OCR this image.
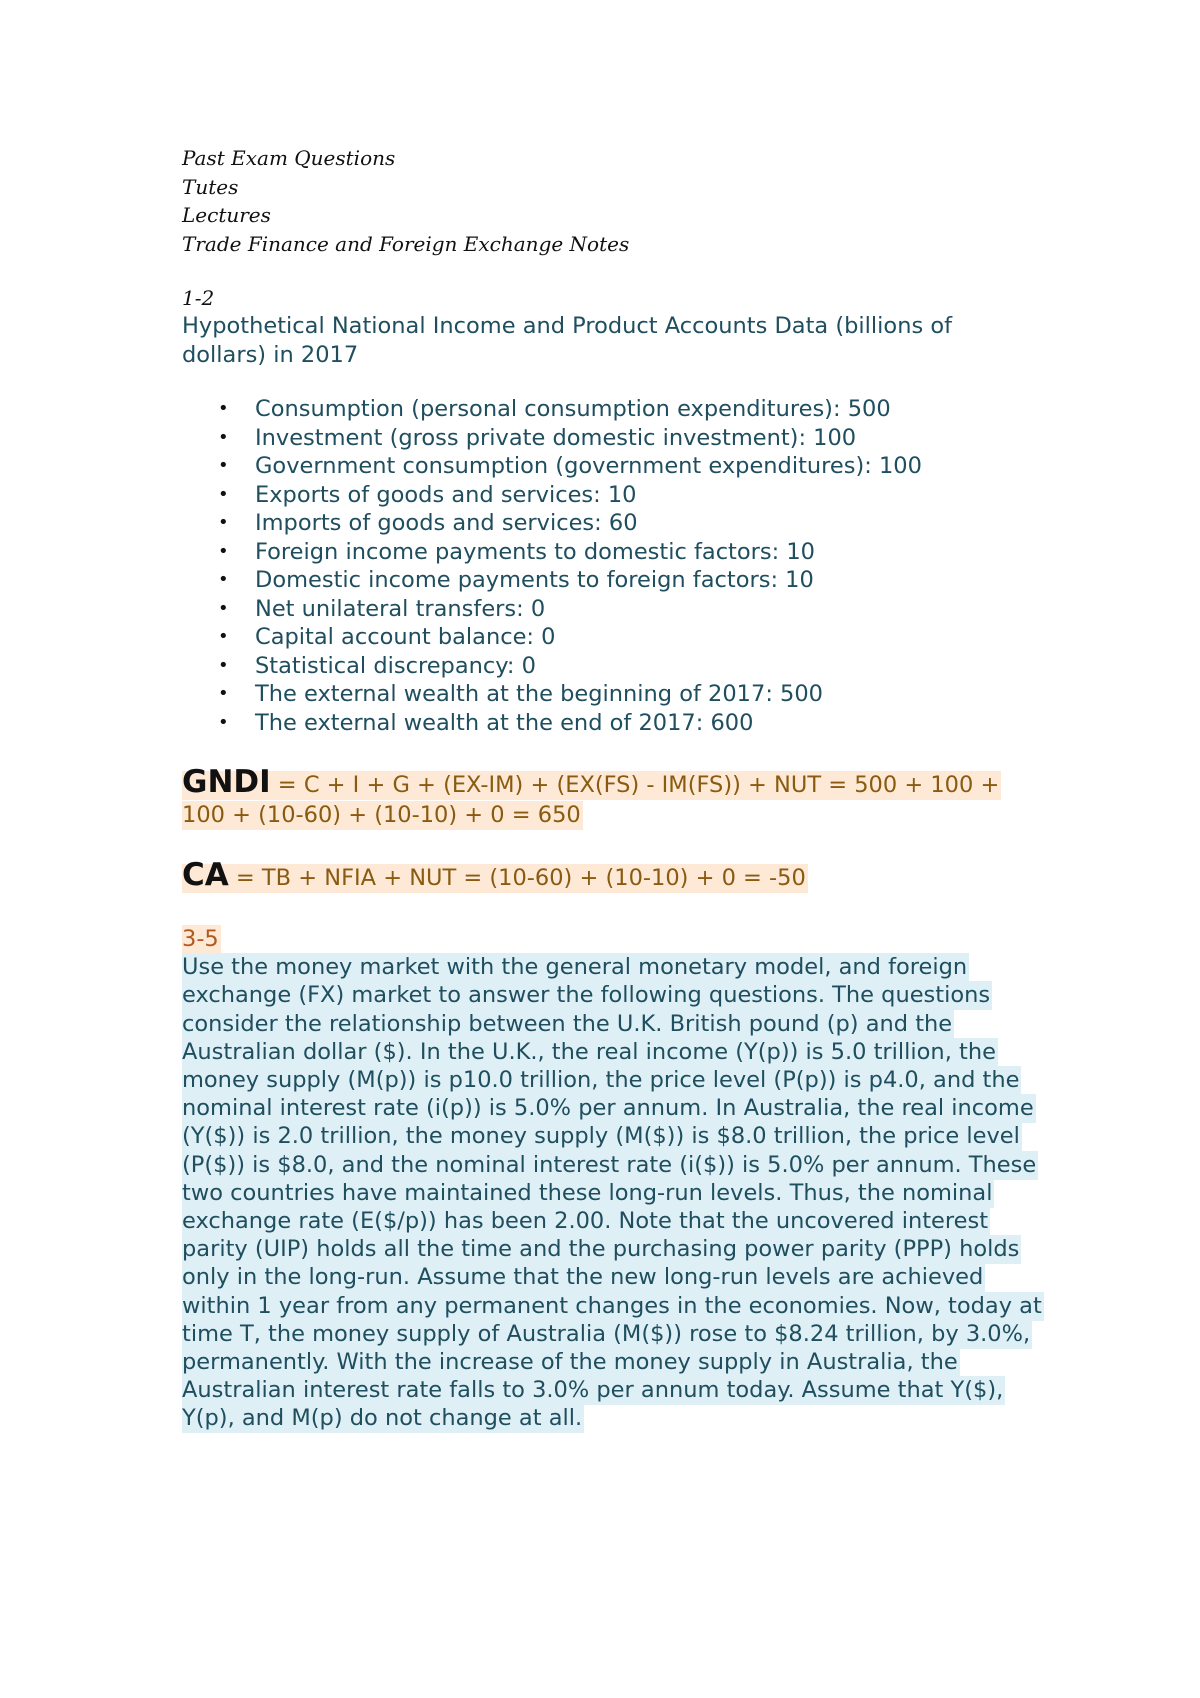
Past Exam Questions
Tutes
Lectures
Trade Finance and Foreign Exchange Notes
1-2
Hypothetical National Income and Product Accounts Data (billions of dollars) in 2017
• Consumption (personal consumption expenditures): 500
• Investment (gross private domestic investment): 100
• Government consumption (government expenditures): 100
• Exports of goods and services: 10
• Imports of goods and services: 60
• Foreign income payments to domestic factors: 10
• Domestic income payments to foreign factors: 10
• Net unilateral transfers: 0
• Capital account balance: 0
• Statistical discrepancy: 0
• The external wealth at the beginning of 2017: 500
• The external wealth at the end of 2017: 600
GNDI = C + I + G + (EX-IM) + (EX(FS) - IM(FS)) + NUT = 500 + 100 + 100 + (10-60) + (10-10) + 0 = 650
CA = TB + NFIA + NUT = (10-60) + (10-10) + 0 = -50
3-5
Use the money market with the general monetary model, and foreign exchange (FX) market to answer the following questions. The questions consider the relationship between the U.K. British pound (p) and the Australian dollar ($). In the U.K., the real income (Y(p)) is 5.0 trillion, the money supply (M(p)) is p10.0 trillion, the price level (P(p)) is p4.0, and the nominal interest rate (i(p)) is 5.0% per annum. In Australia, the real income (Y($)) is 2.0 trillion, the money supply (M($)) is $8.0 trillion, the price level (P($)) is $8.0, and the nominal interest rate (i($)) is 5.0% per annum. These two countries have maintained these long-run levels. Thus, the nominal exchange rate (E($/p)) has been 2.00. Note that the uncovered interest parity (UIP) holds all the time and the purchasing power parity (PPP) holds only in the long-run. Assume that the new long-run levels are achieved within 1 year from any permanent changes in the economies. Now, today at time T, the money supply of Australia (M($)) rose to $8.24 trillion, by 3.0%, permanently. With the increase of the money supply in Australia, the Australian interest rate falls to 3.0% per annum today. Assume that Y($), Y(p), and M(p) do not change at all.
